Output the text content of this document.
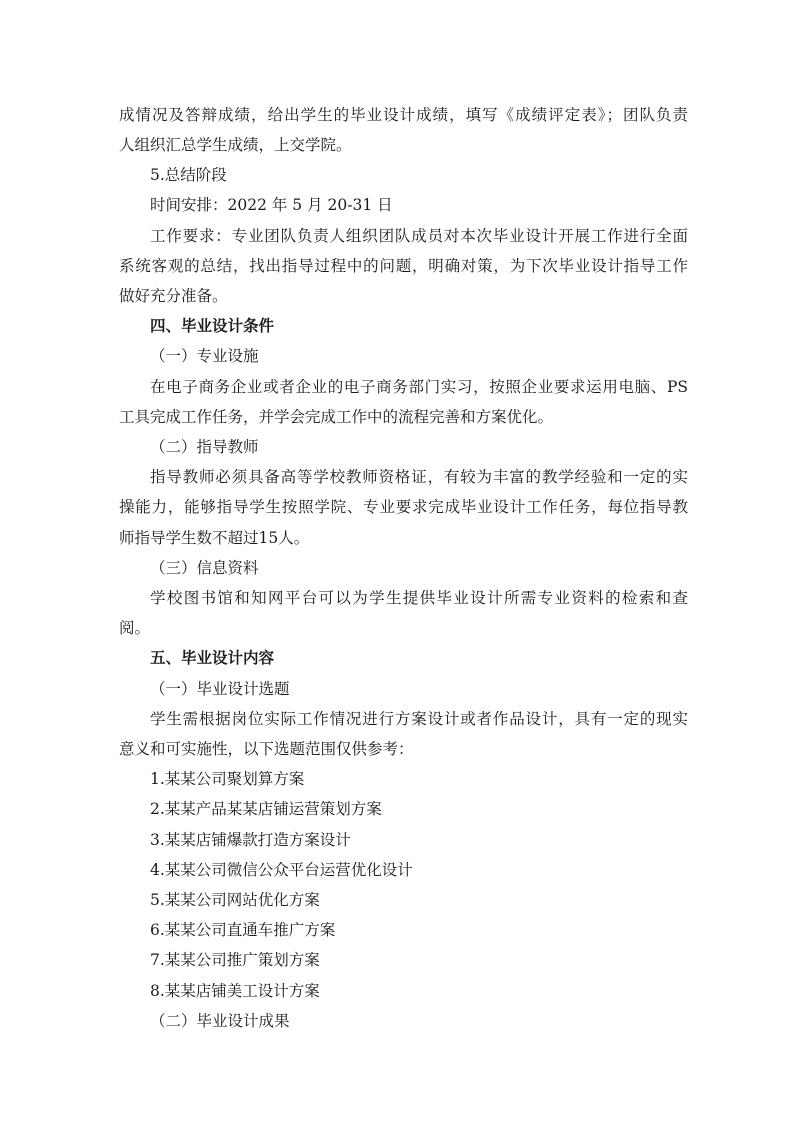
成情况及答辩成绩，给出学生的毕业设计成绩，填写《成绩评定表》；团队负责

人组织汇总学生成绩，上交学院。

5.总结阶段

时间安排：2022 年 5 月 20-31 日

工作要求：专业团队负责人组织团队成员对本次毕业设计开展工作进行全面

系统客观的总结，找出指导过程中的问题，明确对策，为下次毕业设计指导工作

做好充分准备。

四、毕业设计条件

（一）专业设施

在电子商务企业或者企业的电子商务部门实习，按照企业要求运用电脑、PS

工具完成工作任务，并学会完成工作中的流程完善和方案优化。

（二）指导教师

指导教师必须具备高等学校教师资格证，有较为丰富的教学经验和一定的实

操能力，能够指导学生按照学院、专业要求完成毕业设计工作任务，每位指导教

师指导学生数不超过15人。

（三）信息资料

学校图书馆和知网平台可以为学生提供毕业设计所需专业资料的检索和查

阅。

五、毕业设计内容

（一）毕业设计选题

学生需根据岗位实际工作情况进行方案设计或者作品设计，具有一定的现实

意义和可实施性，以下选题范围仅供参考：

1.某某公司聚划算方案

2.某某产品某某店铺运营策划方案

3.某某店铺爆款打造方案设计

4.某某公司微信公众平台运营优化设计

5.某某公司网站优化方案

6.某某公司直通车推广方案

7.某某公司推广策划方案

8.某某店铺美工设计方案

（二）毕业设计成果
